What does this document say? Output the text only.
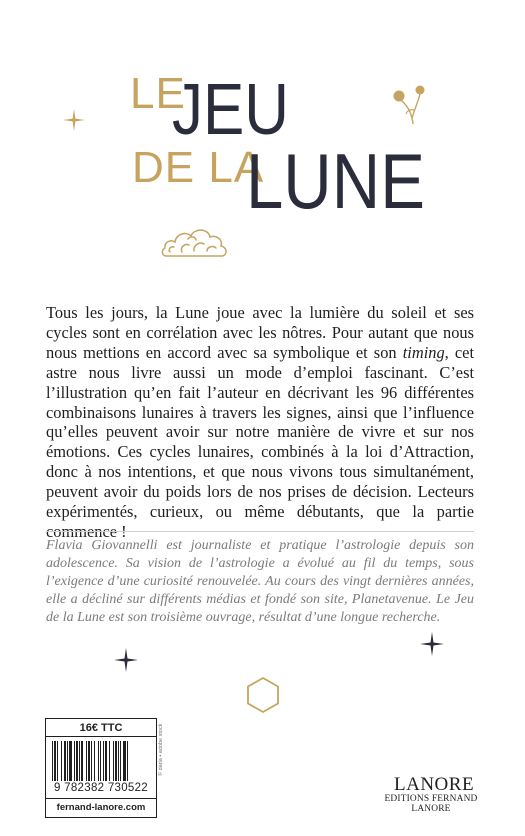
LE
JEU
DE LA
LUNE
Tous les jours, la Lune joue avec la lumière du soleil et ses cycles sont en corrélation avec les nôtres. Pour autant que nous nous mettions en accord avec sa symbolique et son timing, cet astre nous livre aussi un mode d’emploi fascinant. C’est l’illustration qu’en fait l’auteur en décrivant les 96 différentes combinaisons lunaires à travers les signes, ainsi que l’influence qu’elles peuvent avoir sur notre manière de vivre et sur nos émotions. Ces cycles lunaires, combinés à la loi d’Attraction, donc à nos intentions, et que nous vivons tous simultanément, peuvent avoir du poids lors de nos prises de décision. Lecteurs expérimentés, curieux, ou même débutants, que la partie commence !
Flavia Giovannelli est journaliste et pratique l’astrologie depuis son adolescence. Sa vision de l’astrologie a évolué au fil du temps, sous l’exigence d’une curiosité renouvelée. Au cours des vingt dernières années, elle a décliné sur différents médias et fondé son site, Planetavenue. Le Jeu de la Lune est son troisième ouvrage, résultat d’une longue recherche.
16€ TTC
9 782382 730522
fernand-lanore.com
© daria • adobe stock
LANORE
EDITIONS FERNAND LANORE
